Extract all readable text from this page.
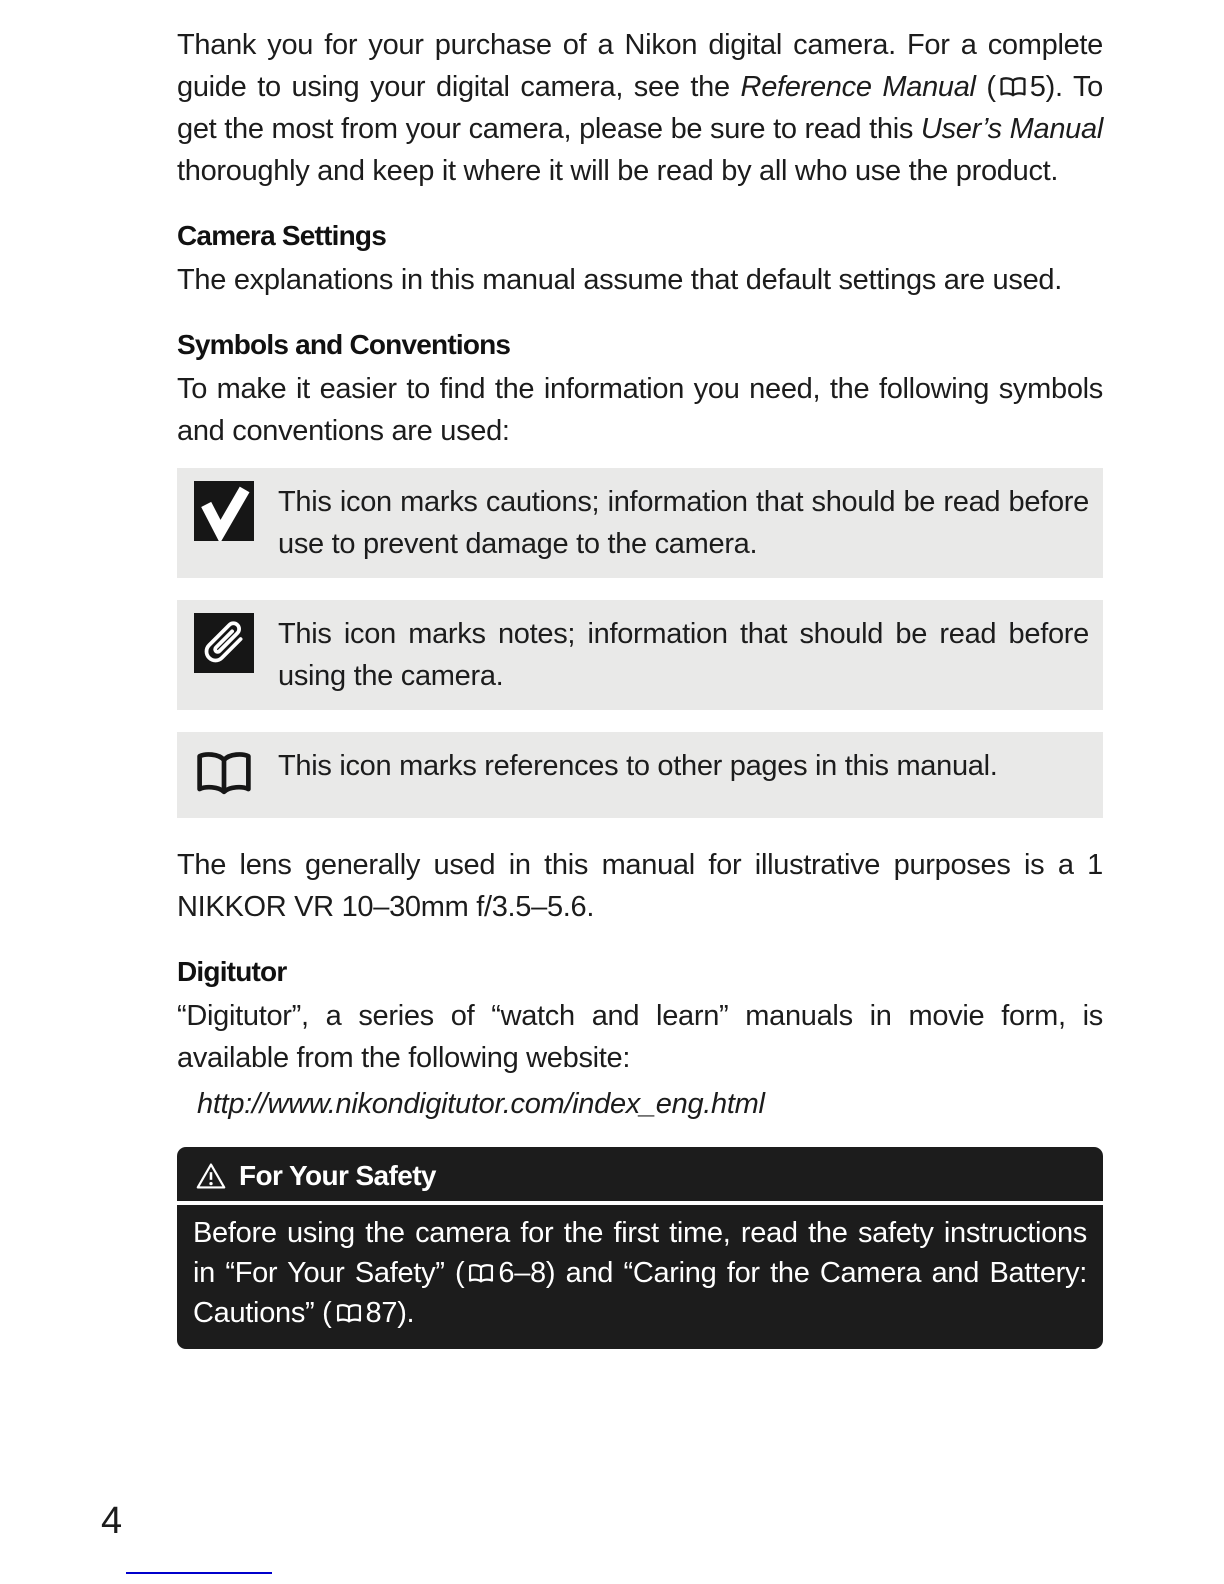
Thank you for your purchase of a Nikon digital camera. For a complete guide to using your digital camera, see the Reference Manual ( 5). To get the most from your camera, please be sure to read this User’s Manual thoroughly and keep it where it will be read by all who use the product.

Camera Settings

The explanations in this manual assume that default settings are used.

Symbols and Conventions

To make it easier to find the information you need, the following symbols and conventions are used:

This icon marks cautions; information that should be read before use to prevent damage to the camera.

This icon marks notes; information that should be read before using the camera.

This icon marks references to other pages in this manual.

The lens generally used in this manual for illustrative purposes is a 1 NIKKOR VR 10–30mm f/3.5–5.6.

Digitutor

“Digitutor”, a series of “watch and learn” manuals in movie form, is available from the following website:

http://www.nikondigitutor.com/index_eng.html

For Your Safety

Before using the camera for the first time, read the safety instructions in “For Your Safety” ( 6–8) and “Caring for the Camera and Battery: Cautions” ( 87).

4
